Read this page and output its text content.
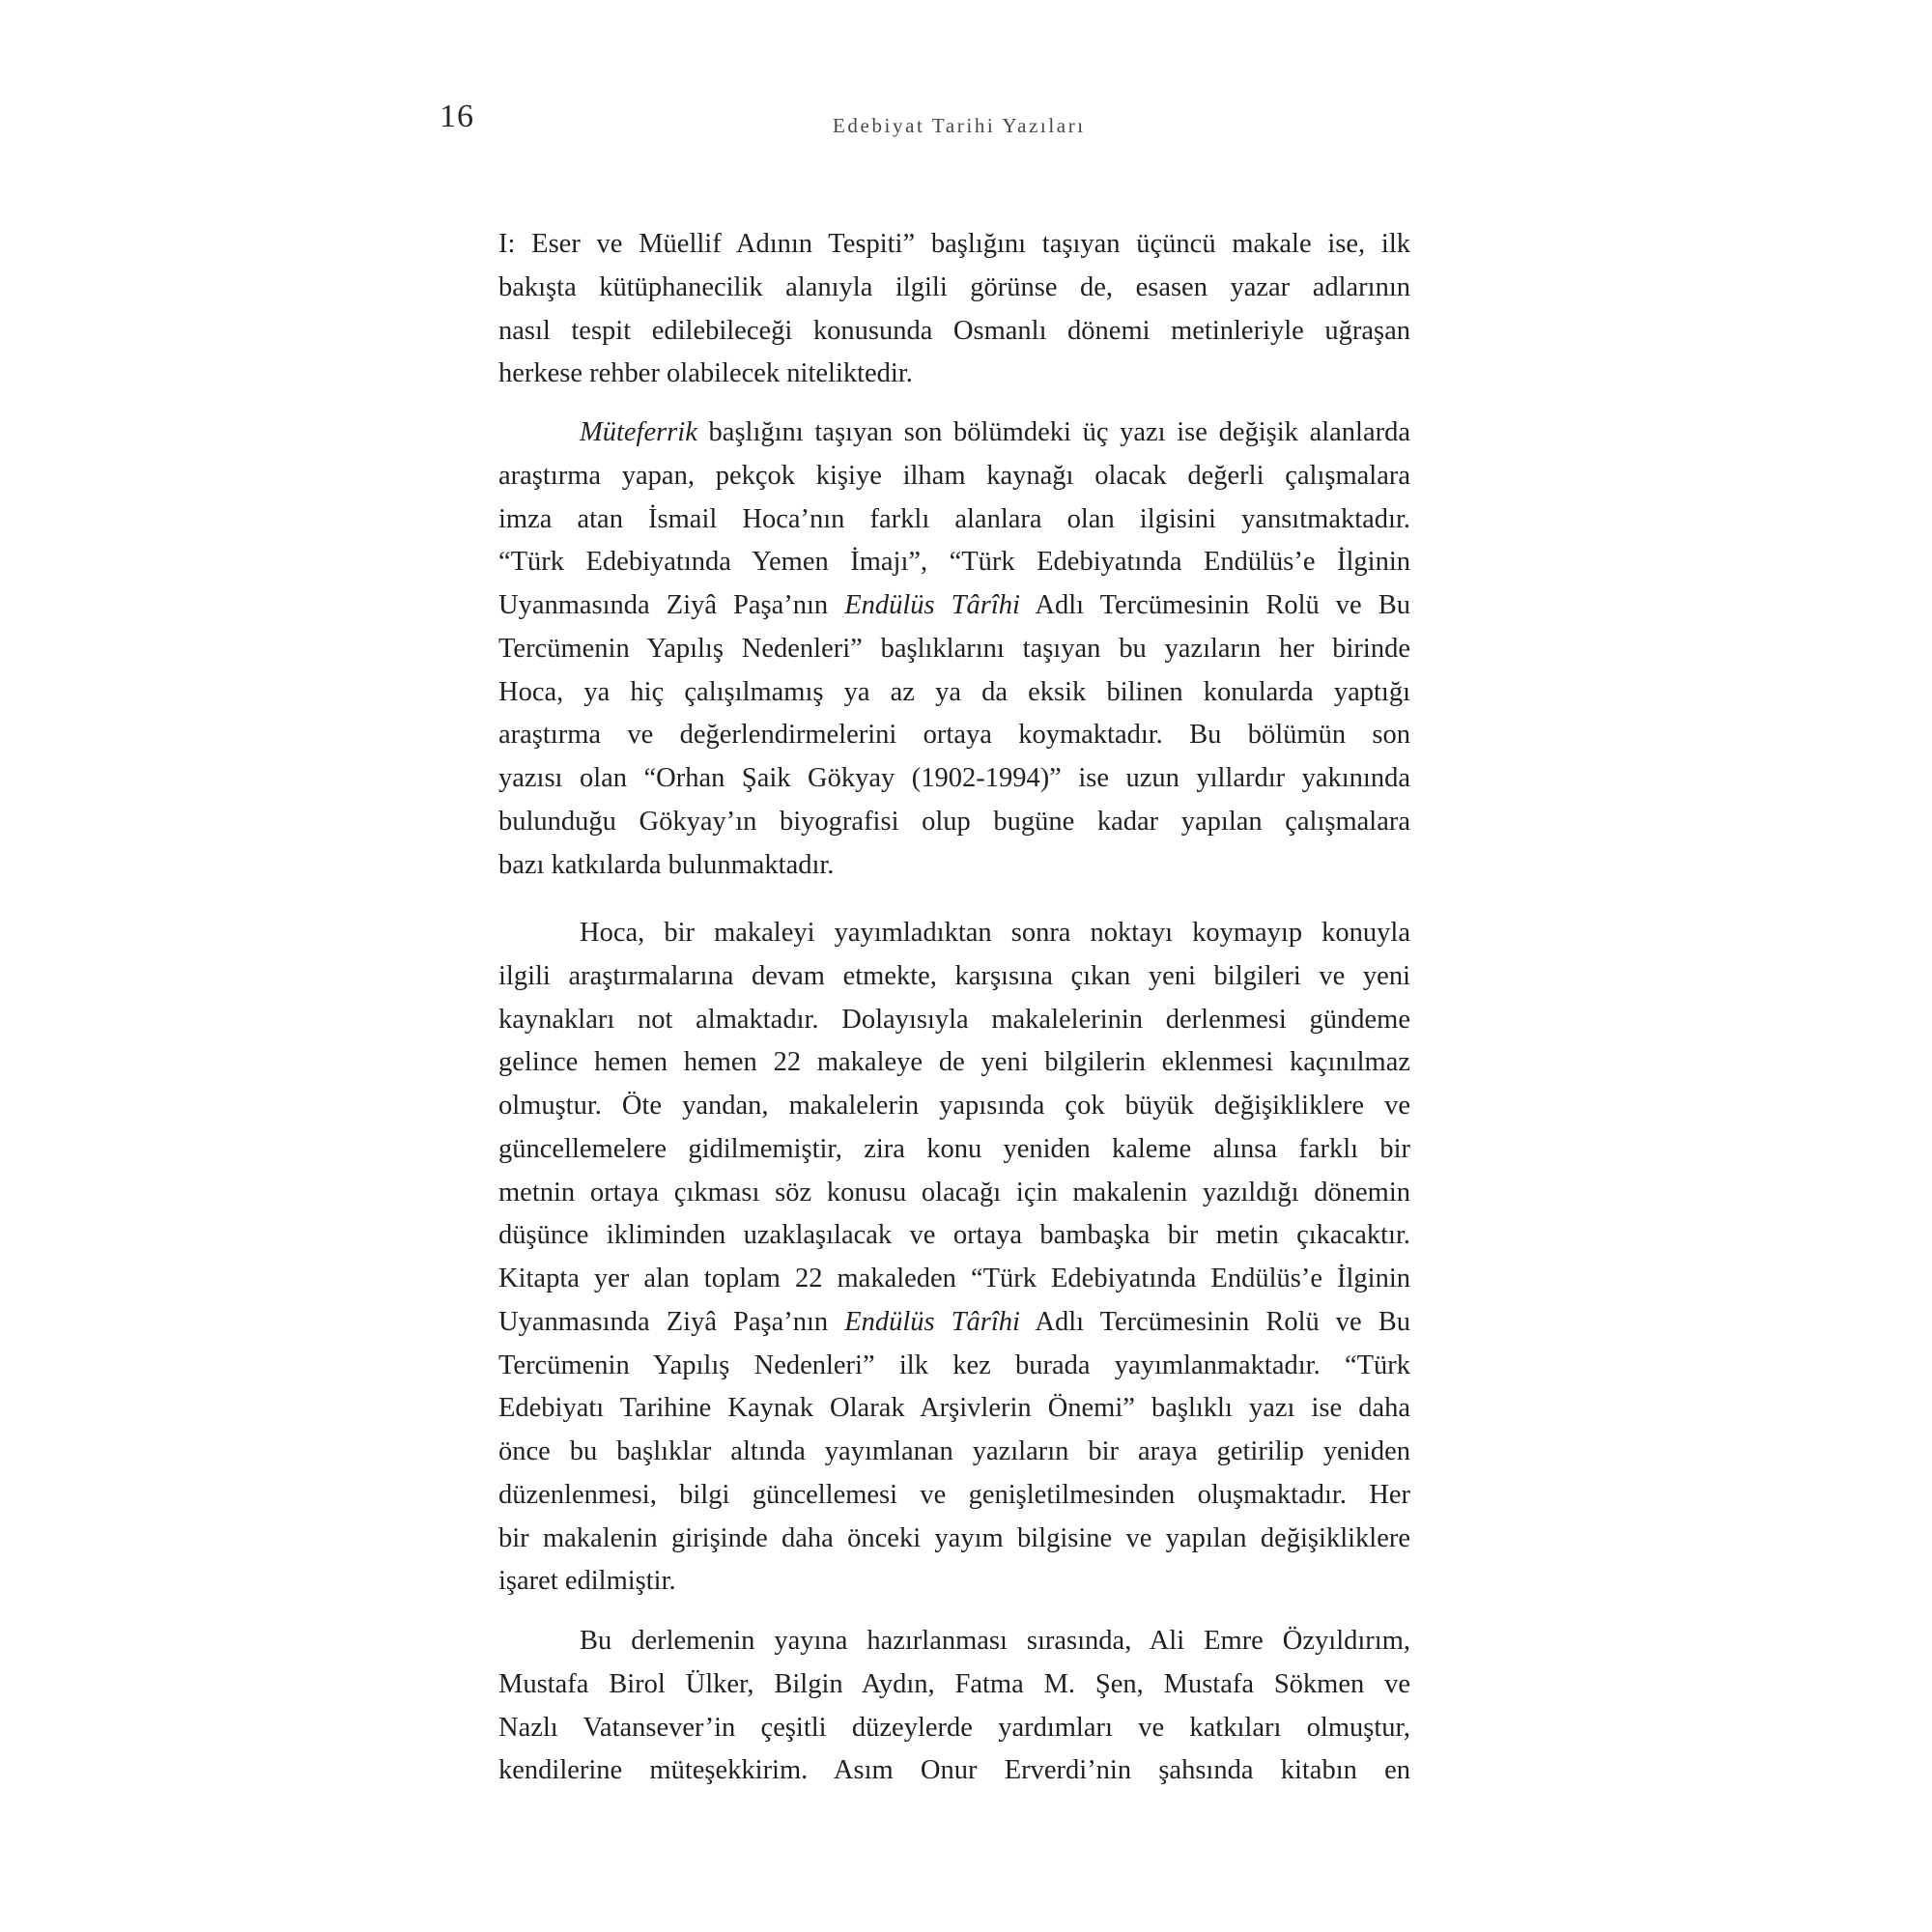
16	Edebiyat Tarihi Yazıları
I: Eser ve Müellif Adının Tespiti” başlığını taşıyan üçüncü makale ise, ilk
bakışta kütüphanecilik alanıyla ilgili görünse de, esasen yazar adlarının
nasıl tespit edilebileceği konusunda Osmanlı dönemi metinleriyle uğraşan
herkese rehber olabilecek niteliktedir.
Müteferrik başlığını taşıyan son bölümdeki üç yazı ise değişik alanlarda
araştırma yapan, pekçok kişiye ilham kaynağı olacak değerli çalışmalara
imza atan İsmail Hoca’nın farklı alanlara olan ilgisini yansıtmaktadır.
“Türk Edebiyatında Yemen İmajı”, “Türk Edebiyatında Endülüs’e İlginin
Uyanmasında Ziyâ Paşa’nın Endülüs Târîhi Adlı Tercümesinin Rolü ve Bu
Tercümenin Yapılış Nedenleri” başlıklarını taşıyan bu yazıların her birinde
Hoca, ya hiç çalışılmamış ya az ya da eksik bilinen konularda yaptığı
araştırma ve değerlendirmelerini ortaya koymaktadır. Bu bölümün son
yazısı olan “Orhan Şaik Gökyay (1902-1994)” ise uzun yıllardır yakınında
bulunduğu Gökyay’ın biyografisi olup bugüne kadar yapılan çalışmalara
bazı katkılarda bulunmaktadır.
Hoca, bir makaleyi yayımladıktan sonra noktayı koymayıp konuyla
ilgili araştırmalarına devam etmekte, karşısına çıkan yeni bilgileri ve yeni
kaynakları not almaktadır. Dolayısıyla makalelerinin derlenmesi gündeme
gelince hemen hemen 22 makaleye de yeni bilgilerin eklenmesi kaçınılmaz
olmuştur. Öte yandan, makalelerin yapısında çok büyük değişikliklere ve
güncellemelere gidilmemiştir, zira konu yeniden kaleme alınsa farklı bir
metnin ortaya çıkması söz konusu olacağı için makalenin yazıldığı dönemin
düşünce ikliminden uzaklaşılacak ve ortaya bambaşka bir metin çıkacaktır.
Kitapta yer alan toplam 22 makaleden “Türk Edebiyatında Endülüs’e İlginin
Uyanmasında Ziyâ Paşa’nın Endülüs Târîhi Adlı Tercümesinin Rolü ve Bu
Tercümenin Yapılış Nedenleri” ilk kez burada yayımlanmaktadır. “Türk
Edebiyatı Tarihine Kaynak Olarak Arşivlerin Önemi” başlıklı yazı ise daha
önce bu başlıklar altında yayımlanan yazıların bir araya getirilip yeniden
düzenlenmesi, bilgi güncellemesi ve genişletilmesinden oluşmaktadır. Her
bir makalenin girişinde daha önceki yayım bilgisine ve yapılan değişikliklere
işaret edilmiştir.
Bu derlemenin yayına hazırlanması sırasında, Ali Emre Özyıldırım,
Mustafa Birol Ülker, Bilgin Aydın, Fatma M. Şen, Mustafa Sökmen ve
Nazlı Vatansever’in çeşitli düzeylerde yardımları ve katkıları olmuştur,
kendilerine müteşekkirim. Asım Onur Erverdi’nin şahsında kitabın en
